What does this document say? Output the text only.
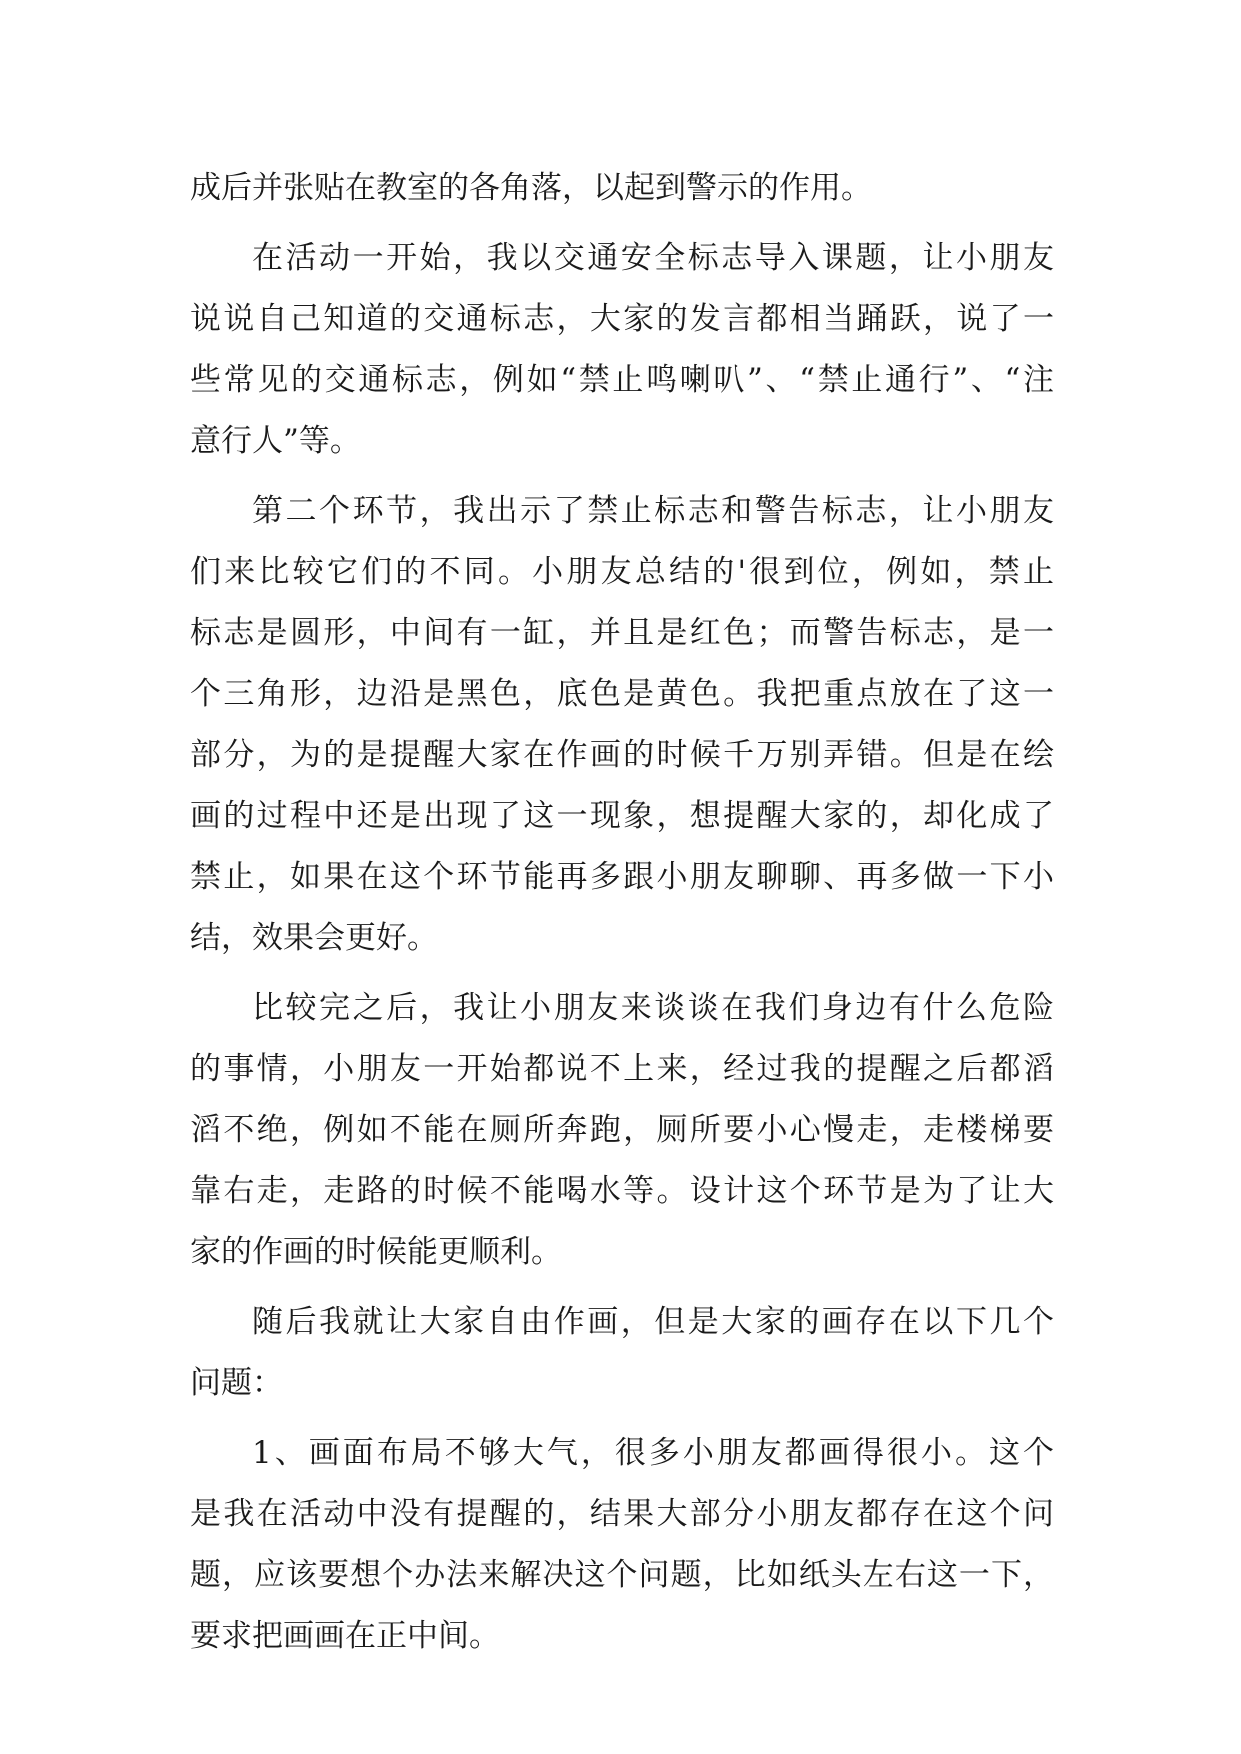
成后并张贴在教室的各角落，以起到警示的作用。
在活动一开始，我以交通安全标志导入课题，让小朋友
说说自己知道的交通标志，大家的发言都相当踊跃，说了一
些常见的交通标志，例如“禁止鸣喇叭”、“禁止通行”、“注
意行人”等。
第二个环节，我出示了禁止标志和警告标志，让小朋友
们来比较它们的不同。小朋友总结的'很到位，例如，禁止
标志是圆形，中间有一缸，并且是红色；而警告标志，是一
个三角形，边沿是黑色，底色是黄色。我把重点放在了这一
部分，为的是提醒大家在作画的时候千万别弄错。但是在绘
画的过程中还是出现了这一现象，想提醒大家的，却化成了
禁止，如果在这个环节能再多跟小朋友聊聊、再多做一下小
结，效果会更好。
比较完之后，我让小朋友来谈谈在我们身边有什么危险
的事情，小朋友一开始都说不上来，经过我的提醒之后都滔
滔不绝，例如不能在厕所奔跑，厕所要小心慢走，走楼梯要
靠右走，走路的时候不能喝水等。设计这个环节是为了让大
家的作画的时候能更顺利。
随后我就让大家自由作画，但是大家的画存在以下几个
问题：
1、画面布局不够大气，很多小朋友都画得很小。这个
是我在活动中没有提醒的，结果大部分小朋友都存在这个问
题，应该要想个办法来解决这个问题，比如纸头左右这一下，
要求把画画在正中间。
